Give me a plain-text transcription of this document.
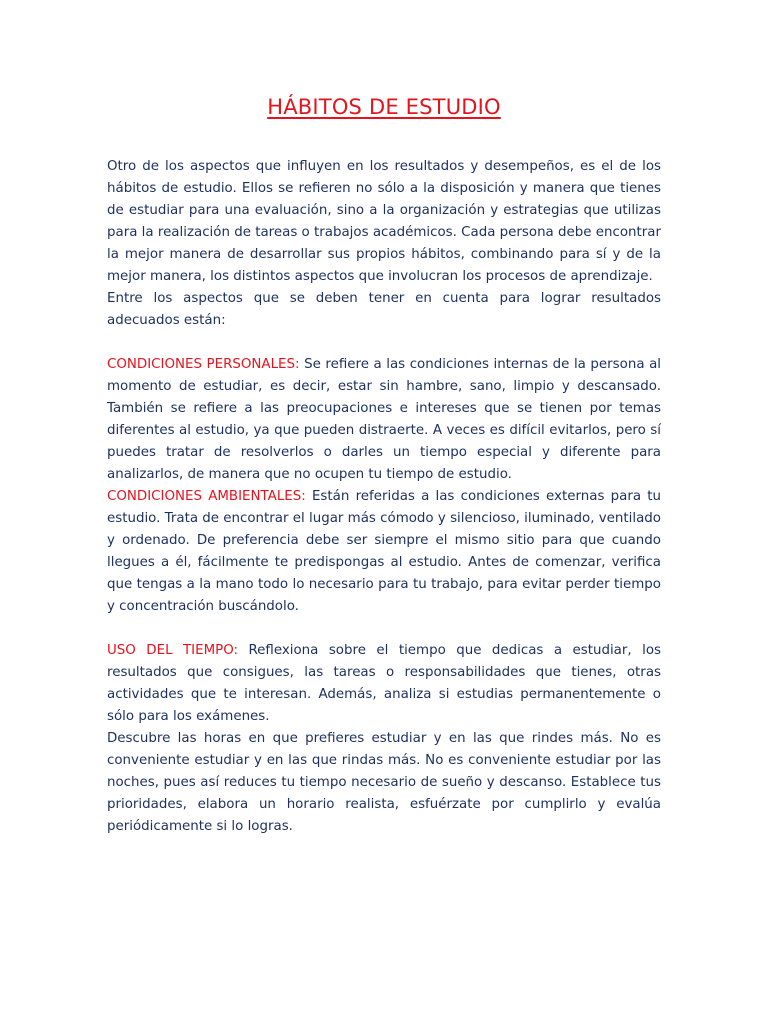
HÁBITOS DE ESTUDIO

Otro de los aspectos que influyen en los resultados y desempeños, es el de los hábitos de estudio. Ellos se refieren no sólo a la disposición y manera que tienes de estudiar para una evaluación, sino a la organización y estrategias que utilizas para la realización de tareas o trabajos académicos. Cada persona debe encontrar la mejor manera de desarrollar sus propios hábitos, combinando para sí y de la mejor manera, los distintos aspectos que involucran los procesos de aprendizaje.

Entre los aspectos que se deben tener en cuenta para lograr resultados adecuados están:

CONDICIONES PERSONALES: Se refiere a las condiciones internas de la persona al momento de estudiar, es decir, estar sin hambre, sano, limpio y descansado. También se refiere a las preocupaciones e intereses que se tienen por temas diferentes al estudio, ya que pueden distraerte. A veces es difícil evitarlos, pero sí puedes tratar de resolverlos o darles un tiempo especial y diferente para analizarlos, de manera que no ocupen tu tiempo de estudio.

CONDICIONES AMBIENTALES: Están referidas a las condiciones externas para tu estudio. Trata de encontrar el lugar más cómodo y silencioso, iluminado, ventilado y ordenado. De preferencia debe ser siempre el mismo sitio para que cuando llegues a él, fácilmente te predispongas al estudio. Antes de comenzar, verifica que tengas a la mano todo lo necesario para tu trabajo, para evitar perder tiempo y concentración buscándolo.

USO DEL TIEMPO: Reflexiona sobre el tiempo que dedicas a estudiar, los resultados que consigues, las tareas o responsabilidades que tienes, otras actividades que te interesan. Además, analiza si estudias permanentemente o sólo para los exámenes.

Descubre las horas en que prefieres estudiar y en las que rindes más. No es conveniente estudiar y en las que rindas más. No es conveniente estudiar por las noches, pues así reduces tu tiempo necesario de sueño y descanso. Establece tus prioridades, elabora un horario realista, esfuérzate por cumplirlo y evalúa periódicamente si lo logras.
